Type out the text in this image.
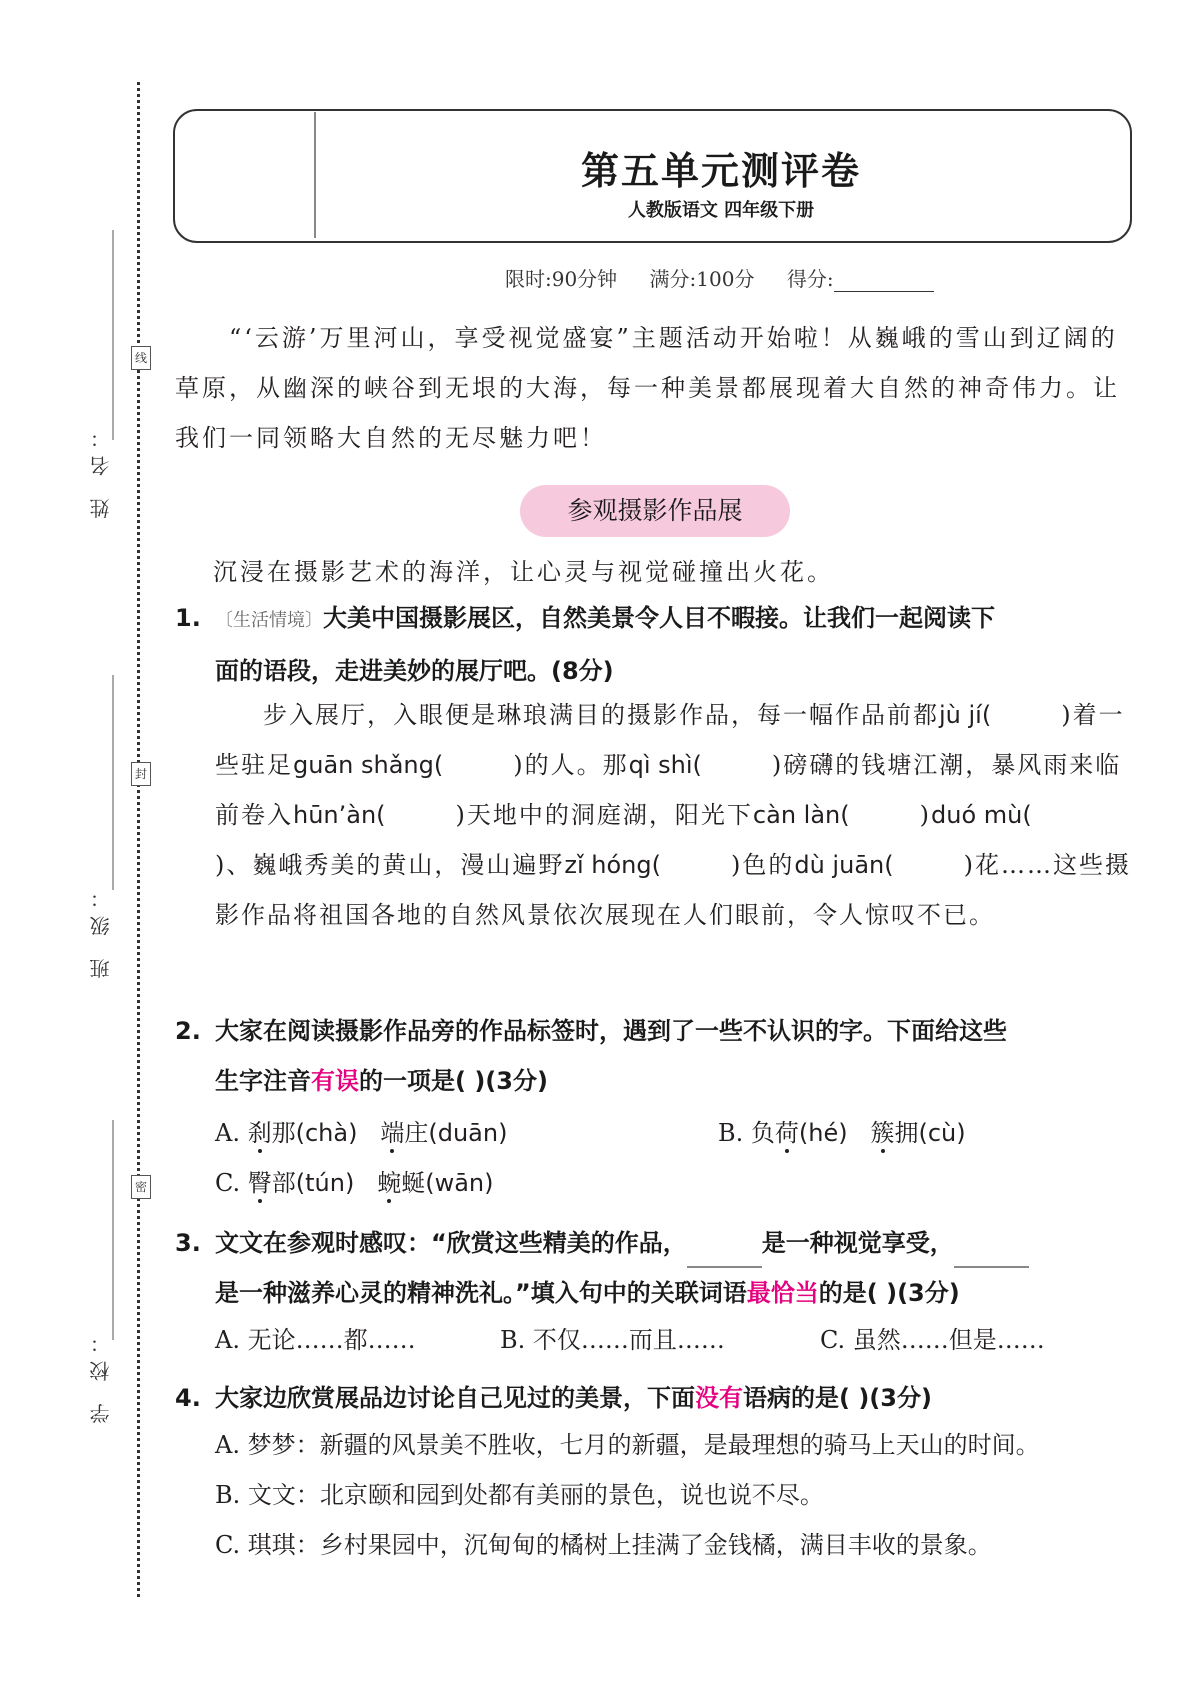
线
封
密
姓 名：
班 级：
学 校：
第五单元测评卷
人教版语文 四年级下册
限时:90分钟 满分:100分 得分:
“‘云游’万里河山，享受视觉盛宴”主题活动开始啦！从巍峨的雪山到辽阔的草原，从幽深的峡谷到无垠的大海，每一种美景都展现着大自然的神奇伟力。让我们一同领略大自然的无尽魅力吧！
参观摄影作品展
沉浸在摄影艺术的海洋，让心灵与视觉碰撞出火花。
1. 〔生活情境〕大美中国摄影展区，自然美景令人目不暇接。让我们一起阅读下
面的语段，走进美妙的展厅吧。(8分)
步入展厅，入眼便是琳琅满目的摄影作品，每一幅作品前都jù jí(	)着一些驻足guān shǎng(	)的人。那qì shì(	)磅礴的钱塘江潮，暴风雨来临前卷入hūn’àn(	)天地中的洞庭湖，阳光下càn làn(	)duó mù()、巍峨秀美的黄山，漫山遍野zǐ hóng(	)色的dù juān(	)花……这些摄影作品将祖国各地的自然风景依次展现在人们眼前，令人惊叹不已。
2. 大家在阅读摄影作品旁的作品标签时，遇到了一些不认识的字。下面给这些
生字注音有误的一项是( )(3分)
A. 刹那(chà) 端庄(duān)	B. 负荷(hé) 簇拥(cù)
C. 臀部(tún) 蜿蜒(wān)
3. 文文在参观时感叹：“欣赏这些精美的作品，	是一种视觉享受，
是一种滋养心灵的精神洗礼。”填入句中的关联词语最恰当的是( )(3分)
A. 无论……都……	B. 不仅……而且……	C. 虽然……但是……
4. 大家边欣赏展品边讨论自己见过的美景，下面没有语病的是( )(3分)
A. 梦梦：新疆的风景美不胜收，七月的新疆，是最理想的骑马上天山的时间。
B. 文文：北京颐和园到处都有美丽的景色，说也说不尽。
C. 琪琪：乡村果园中，沉甸甸的橘树上挂满了金钱橘，满目丰收的景象。
